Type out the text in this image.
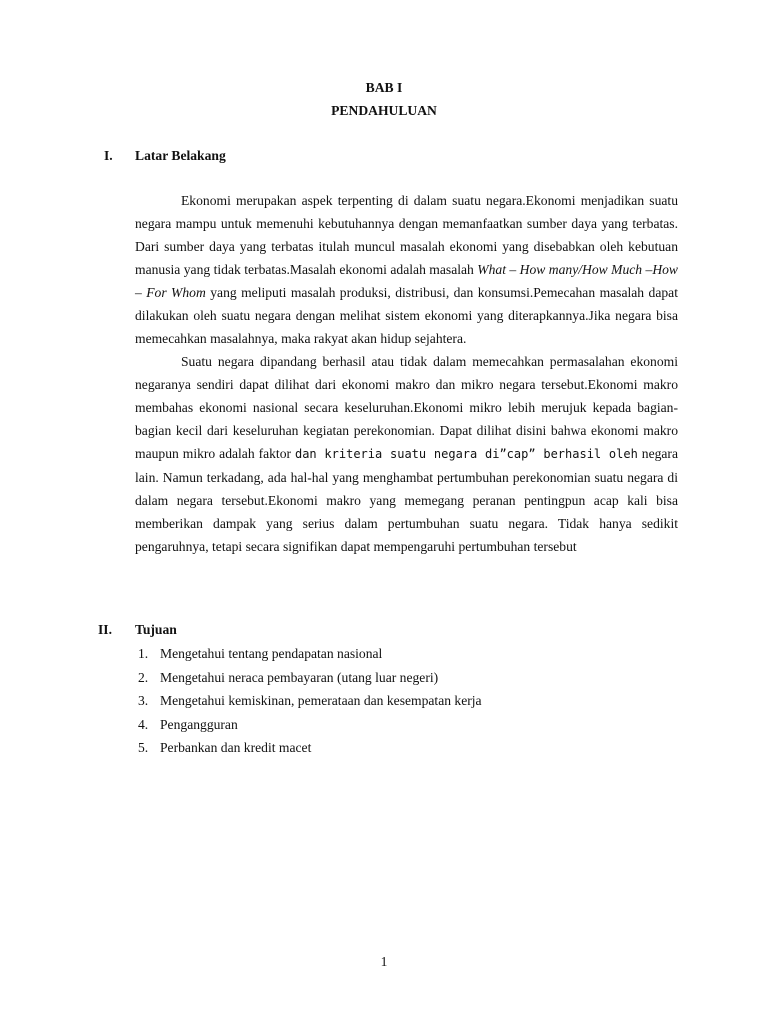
BAB I
PENDAHULUAN
I. Latar Belakang

Ekonomi merupakan aspek terpenting di dalam suatu negara.Ekonomi menjadikan suatu negara mampu untuk memenuhi kebutuhannya dengan memanfaatkan sumber daya yang terbatas. Dari sumber daya yang terbatas itulah muncul masalah ekonomi yang disebabkan oleh kebutuan manusia yang tidak terbatas.Masalah ekonomi adalah masalah What – How many/How Much –How – For Whom yang meliputi masalah produksi, distribusi, dan konsumsi.Pemecahan masalah dapat dilakukan oleh suatu negara dengan melihat sistem ekonomi yang diterapkannya.Jika negara bisa memecahkan masalahnya, maka rakyat akan hidup sejahtera.

Suatu negara dipandang berhasil atau tidak dalam memecahkan permasalahan ekonomi negaranya sendiri dapat dilihat dari ekonomi makro dan mikro negara tersebut.Ekonomi makro membahas ekonomi nasional secara keseluruhan.Ekonomi mikro lebih merujuk kepada bagian-bagian kecil dari keseluruhan kegiatan perekonomian. Dapat dilihat disini bahwa ekonomi makro maupun mikro adalah faktor dan kriteria suatu negara di”cap” berhasil oleh negara lain. Namun terkadang, ada hal-hal yang menghambat pertumbuhan perekonomian suatu negara di dalam negara tersebut.Ekonomi makro yang memegang peranan pentingpun acap kali bisa memberikan dampak yang serius dalam pertumbuhan suatu negara. Tidak hanya sedikit pengaruhnya, tetapi secara signifikan dapat mempengaruhi pertumbuhan tersebut

II. Tujuan
1. Mengetahui tentang pendapatan nasional
2. Mengetahui neraca pembayaran (utang luar negeri)
3. Mengetahui kemiskinan, pemerataan dan kesempatan kerja
4. Pengangguran
5. Perbankan dan kredit macet
1
